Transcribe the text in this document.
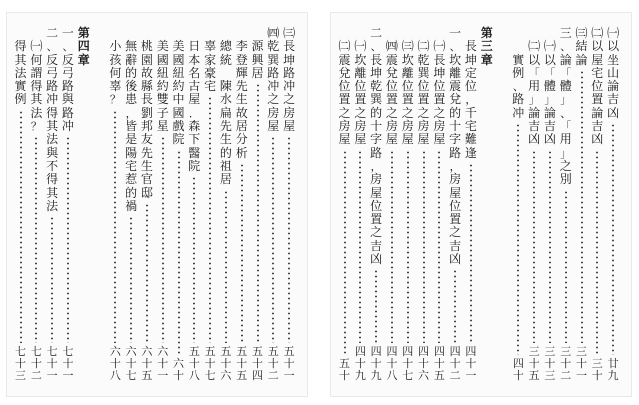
㈠
以
坐
山
論
吉
凶
廿
九
㈡
以
屋
宅
位
置
論
吉
凶
三
十
㈢
結
論
三
十
一
三
、
論
「
體
」
、
「
用
」
之
別
三
十
二
㈠
以
「
體
」
論
吉
凶
三
十
三
㈡
以
「
用
」
論
吉
凶
三
十
五
實
例
、
路
冲
四
十
第
三
章
長
坤
定
位
，
千
宅
難
逢
四
十
一
一
、
坎
離
震
兌
的
十
字
路
，
房
屋
位
置
之
吉
凶
四
十
二
㈠
長
坤
位
置
之
房
屋
四
十
五
㈡
乾
巽
位
置
之
房
屋
四
十
六
㈢
坎
離
位
置
之
房
屋
四
十
七
㈣
震
兌
位
置
之
房
屋
四
十
八
二
、
長
坤
乾
巽
的
十
字
路
，
房
屋
位
置
之
吉
凶
四
十
九
㈠
坎
離
位
置
之
房
屋
四
十
九
㈡
震
兌
位
置
之
房
屋
五
十
㈢
長
坤
路
冲
之
房
屋
五
十
一
㈣
乾
巽
路
冲
之
房
屋
五
十
二
源
興
居
五
十
四
李
登
輝
先
生
故
居
分
析
五
十
五
總
統
陳
水
扁
先
生
的
祖
居
五
十
六
辜
家
豪
宅
五
十
七
日
本
名
古
屋
．
森
下
醫
院
五
十
八
美
國
紐
約
中
國
戲
院
六
十
美
國
紐
約
雙
子
星
六
十
一
桃
園
故
縣
長
劉
邦
友
先
生
官
邸
六
十
五
無
辭
的
後
患
，
皆
是
陽
宅
惹
的
禍
六
十
七
小
孩
何
辜
？
六
十
八
第
四
章
一
、
反
弓
路
與
路
冲
七
十
一
二
、
反
弓
路
冲
得
其
法
與
不
得
其
法
七
十
一
㈠
何
謂
得
其
法
？
七
十
二
得
其
法
實
例
七
十
三
